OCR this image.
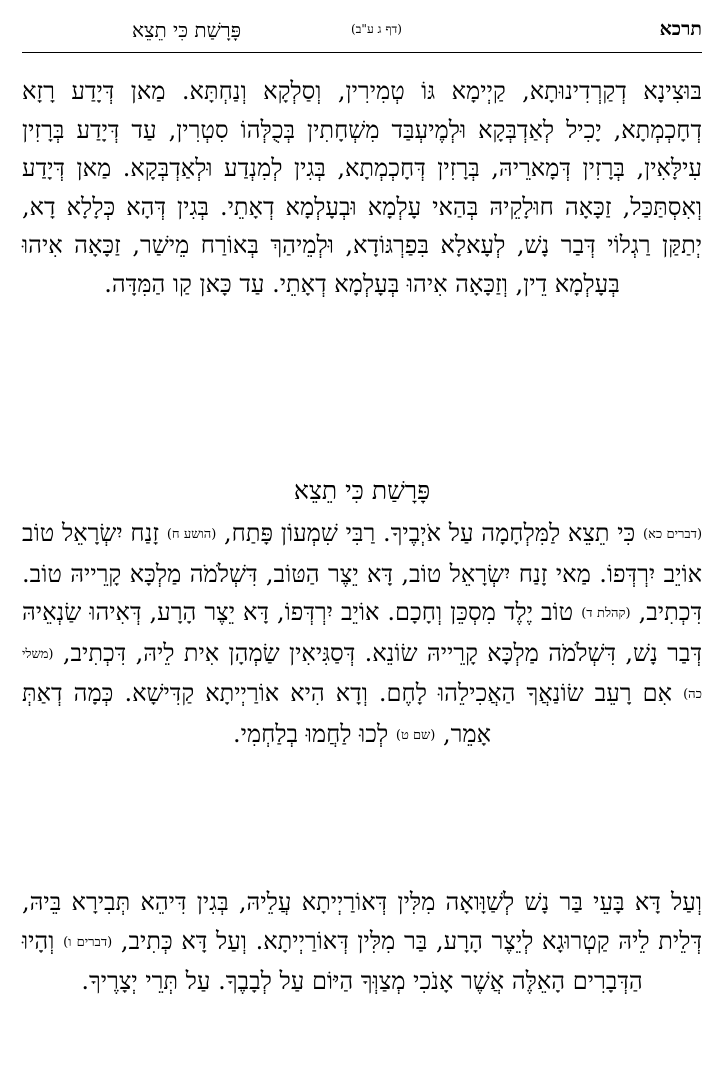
תרכא
(דף ג ע"ב)
פָּרָשַׁת כִּי תֵצֵא
בּוּצִינָא דְקַרְדִינוּתָא, קַיְימָא גּוֹ טְמִירִין, וְסַלְקָא וְנַחְתָּא. מַאן דְּיָדַע רָזָא דְחָכְמְתָא, יָכִיל לְאַדְבְּקָא וּלְמֶיעְבַּד מִשְׁחָתִין בְּכֻלְּהוֹ סִטְרִין, עַד דְּיָדַע בְּרָזִין עִילָּאִין, בְּרָזִין דְּמָארֵיהּ, בְּרָזִין דְּחָכְמְתָא, בְּגִין לְמִנְדַע וּלְאַדְבְּקָא. מַאן דְּיָדַע וְאִסְתַּכַּל, זַכָּאָה חוּלָקֵיהּ בְּהַאי עָלְמָא וּבְעָלְמָא דְאָתֵי. בְּגִין דְּהָא כְּלָלָא דָא, יְתַקַּן רַגְלוֹי דְּבַר נָשׁ, לְעָאלָא בִּפַרְגּוֹדָא, וּלְמֵיהַךְ בְּאוֹרַח מֵישַׁר, זַכָּאָה אִיהוּ בְּעָלְמָא דֵין, וְזַכָּאָה אִיהוּ בְּעָלְמָא דְאָתֵי. עַד כָּאן קַו הַמִּדָּה.
פָּרָשַׁת כִּי תֵצֵא
(דברים כא) כִּי תֵצֵא לַמִּלְחָמָה עַל אֹיְבֶיךָ. רַבִּי שִׁמְעוֹן פָּתַח, (הושע ח) זָנַח יִשְׂרָאֵל טוֹב אוֹיֵב יִרְדְּפוֹ. מַאי זָנַח יִשְׂרָאֵל טוֹב, דָּא יֵצֶר הַטּוֹב, דִּשְׁלֹמֹה מַלְכָּא קָרֵייהּ טוֹב. דִּכְתִיב, (קהלת ד) טוֹב יֶלֶד מִסְכֵּן וְחָכָם. אוֹיֵב יִרְדְּפוֹ, דָּא יֵצֶר הָרָע, דְּאִיהוּ שַׂנְאֵיהּ דְּבַר נָשׁ, דִּשְׁלֹמֹה מַלְכָּא קָרֵייהּ שׂוֹנֵא. דְּסַגִּיאִין שַׂמְהָן אִית לֵיהּ, דִּכְתִיב, (משלי כה) אִם רָעֵב שׂוֹנַאֲךָ הַאֲכִילֵהוּ לָחֶם. וְדָא הִיא אוֹרַיְיתָא קַדִּישָׁא. כְּמָה דְאַתְּ אָמֵר, (שם ט) לְכוּ לַחֲמוּ בְלַחְמִי.
וְעַל דָּא בָּעֵי בַּר נָשׁ לְשַׁוָּואָה מִלִּין דְּאוֹרַיְיתָא עֲלֵיהּ, בְּגִין דִּיהֵא תְּבִירָא בֵּיהּ, דְּלֵית לֵיהּ קַטְרוּגָא לְיֵצֶר הָרָע, בַּר מִלִּין דְּאוֹרַיְיתָא. וְעַל דָּא כְּתִיב, (דברים ו) וְהָיוּ הַדְּבָרִים הָאֵלֶּה אֲשֶׁר אָנֹכִי מְצַוְּךָ הַיּוֹם עַל לְבָבֶךָ. עַל תְּרֵי יְצָרֶיךָ.
